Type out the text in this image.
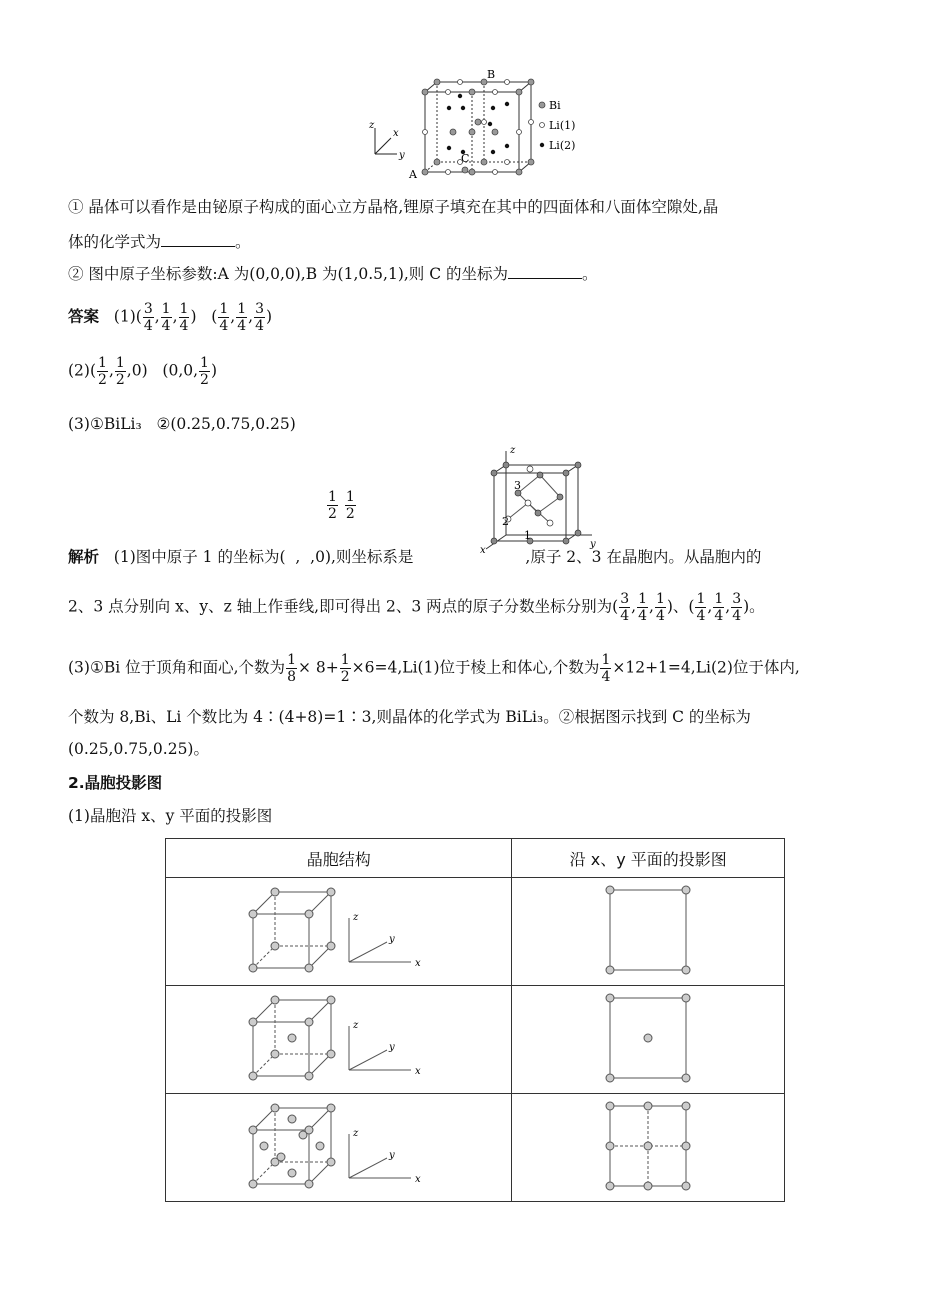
z
x
y
A
B
C
Bi
Li(1)
Li(2)
① 晶体可以看作是由铋原子构成的面心立方晶格,锂原子填充在其中的四面体和八面体空隙处,晶
体的化学式为	。
② 图中原子坐标参数:A 为(0,0,0),B 为(1,0.5,1),则 C 的坐标为	。
答案 $(1)( \frac{3}{4}$ , $\frac{1}{4}$ , $\frac{1}{4}$ )   ( $\frac{1}{4}$ , $\frac{1}{4}$ , $\frac{3}{4}$ )
$(2)( \frac{1}{2}$ , $\frac{1}{2} ,0$)   (0,0, $\frac{1}{2}$ )
(3)①BiLi₃   ②(0.25,0.75,0.25)
3
2
1
z
x
y
$\frac{1}{2}$
$\frac{1}{2}$
解析 (1)图中原子 1 的坐标为(  ,  ,0),则坐标系是	,原子 2、3 在晶胞内。从晶胞内的
2、3 点分别向 x、y、z 轴上作垂线,即可得出 2、3 两点的原子分数坐标分别为( $\frac{3}{4}$ , $\frac{1}{4}$ , $\frac{1}{4}$ )、( $\frac{1}{4}$ , $\frac{1}{4}$ , $\frac{3}{4}$ )。
(3)①Bi 位于顶角和面心,个数为 $\frac{1}{8} \times 8+ \frac{1}{2} \times 6=4,Li(1)$位于棱上和体心,个数为 $\frac{1}{4} \times 12+1=4,Li(2)$位于体内,
个数为 8,Bi、Li 个数比为 4∶(4+8)=1∶3,则晶体的化学式为 BiLi₃。②根据图示找到 C 的坐标为
(0.25,0.75,0.25)。
2.晶胞投影图
(1)晶胞沿 x、y 平面的投影图
晶胞结构	沿 x、y 平面的投影图

z
y
x

z
y
x

z
y
x
